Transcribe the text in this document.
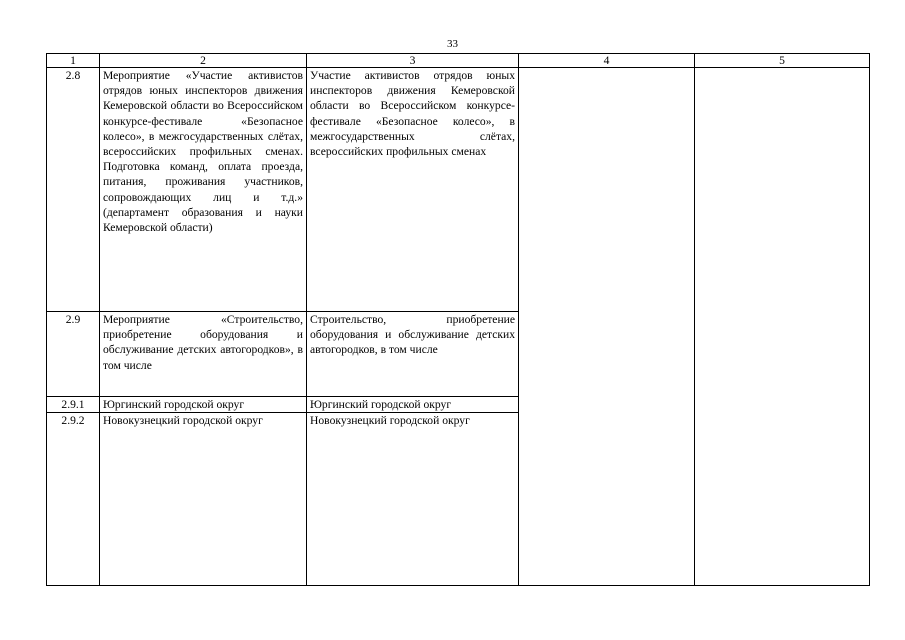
33
1	2	3	4	5
2.8	Мероприятие «Участие активистов отрядов юных инспекторов движения Кемеровской области во Всероссийском конкурсе-фестивале «Безопасное колесо», в межгосударственных слётах, всероссийских профильных сменах. Подготовка команд, оплата проезда, питания, проживания участников, сопровождающих лиц и т.д.» (департамент образования и науки Кемеровской области)	Участие активистов отрядов юных инспекторов движения Кемеровской области во Всероссийском конкурсе-фестивале «Безопасное колесо», в межгосударственных слётах, всероссийских профильных сменах		
2.9	Мероприятие «Строительство, приобретение оборудования и обслуживание детских автогородков», в том числе	Строительство, приобретение оборудования и обслуживание детских автогородков, в том числе		
2.9.1	Юргинский городской округ	Юргинский городской округ		
2.9.2	Новокузнецкий городской округ	Новокузнецкий городской округ		
